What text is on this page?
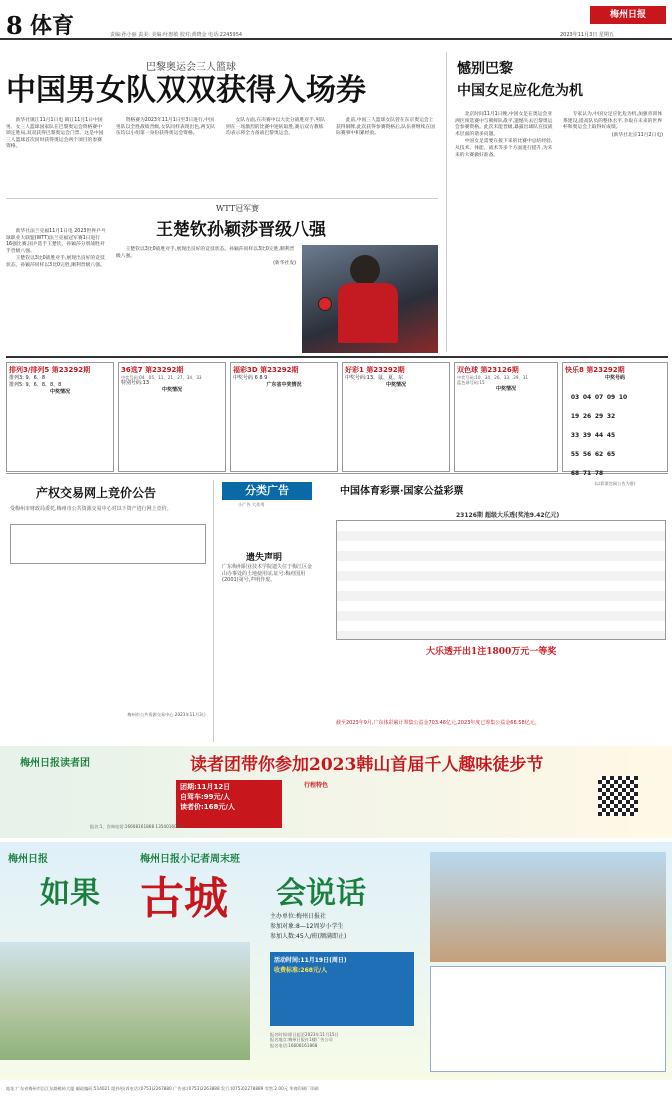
8 体育	责编:孙小丽 责美: 美编:叶惠敏 校对:黄晓金 电话:2245954
梅州日报
2023年11月3日 星期五
巴黎奥运会三人篮球
中国男女队双双获得入场券

新华社镇江11月1日电 镇江11月1日中国男、女三人篮球国家队在巴黎奥运会资格赛中锁定胜局,双双获得巴黎奥运会门票。这是中国三人篮球首次同时获得奥运会两个项目的参赛资格。

资格赛为2023年11月1日至3日进行,中国男队以全胜战绩晋级,女队同样表现出色,两支队伍均以小组第一身份获得奥运会资格。

女队方面,在决赛中以大比分战胜对手,男队则在一场激烈的比赛中逆转取胜,赛后双方教练均表示将全力备战巴黎奥运会。

此前,中国三人篮球女队曾在东京奥运会上获得铜牌,此次获得参赛资格后,队伍将继续在国际赛事中积累经验。

憾别巴黎
中国女足应化危为机

北京时间11月1日晚,中国女足在奥运会亚洲区预选赛中与朝鲜队战平,遗憾失去巴黎奥运会参赛资格。此次未能晋级,暴露出球队在技战术层面的诸多问题。

中国女足需要在接下来的比赛中总结经验,从技术、体能、战术等多个方面进行提升,为未来的大赛做好准备。

专家认为,中国女足应化危为机,加强青训体系建设,提高队员的整体水平,争取在未来的世界杯和奥运会上取得好成绩。

(新华社北京11月2日电)

新华社法兰克福11月1日电 2023世界乒乓球职业大联盟(WTT)法兰克福冠军赛1日进行16强比赛,国乒选手王楚钦、孙颖莎分别战胜对手晋级八强。

王楚钦以3比0战胜对手,展现出良好的竞技状态。孙颖莎同样以3比0完胜,顺利晋级八强。

WTT冠军赛
王楚钦孙颖莎晋级八强

王楚钦以3比0战胜对手,展现出良好的竞技状态。孙颖莎同样以3比0完胜,顺利晋级八强。

(新华社发)

排列3/排列5 第23292期
排列3: 9、6、8
排列5: 9、6、8、8、8
中奖情况
36选7 第23292期
中奖号码:04、05、11、21、27、34、33
特别号码:13
中奖情况
福彩3D 第23292期
中奖号码 6 8 9
广东省中奖情况
好彩1 第23292期
中奖号码:13、鼠、夏、东
中奖情况
双色球 第23126期
中奖号码:10、34、26、33、29、31
蓝色球号码:15
中奖情况
快乐8 第23292期
中奖号码
03 04 07 09 10
19 26 29 32
33 39 44 45
55 56 62 65
68 71 78
(以彩票官网公告为准)
产权交易网上竞价公告
受梅州市财政局委托,梅州市公共资源交易中心对以下资产进行网上竞价。
梅州市公共资源交易中心 2023年11月3日
分类广告
小广告 大作用
遗失声明
广东梅州职业技术学院遗失位于梅江区金山办事处的土地使用证,证号:梅府国用(2001)第号,声明作废。
中国体育彩票·国家公益彩票
23126期 超级大乐透(奖池9.42亿元)
大乐透开出1注1800万元一等奖
截至2023年9月,广东体彩累计筹集公益金703.46亿元,2023年度已筹集公益金66.58亿元。
梅州日报读者团	读者团带你参加2023韩山首届千人趣味徒步节
团期:11月12日
自驾车:99元/人
读者价:168元/人
行程特色
报名:1、咨询电话:16608161868 13540160071
梅州日报	梅州日报小记者周末班
如果 古城 会说话
主办单位:梅州日报社
参加对象:8—12周岁小学生
参加人数:45人/班(额满即止)
活动时间:11月19日(周日)
收费标准:268元/人
报名时间:即日起至2023年11月15日
报名地点:梅州日报社1楼广告公司
报名电话:16608161868
地址:广东省梅州市沿江东路桃岭大厦 邮政编码:514021 阻抄/投诉电话:(0753)2267880 广告部:(0753)2263888 发行:(0753)2278889 零售:2.00元 华商印刷厂印刷
